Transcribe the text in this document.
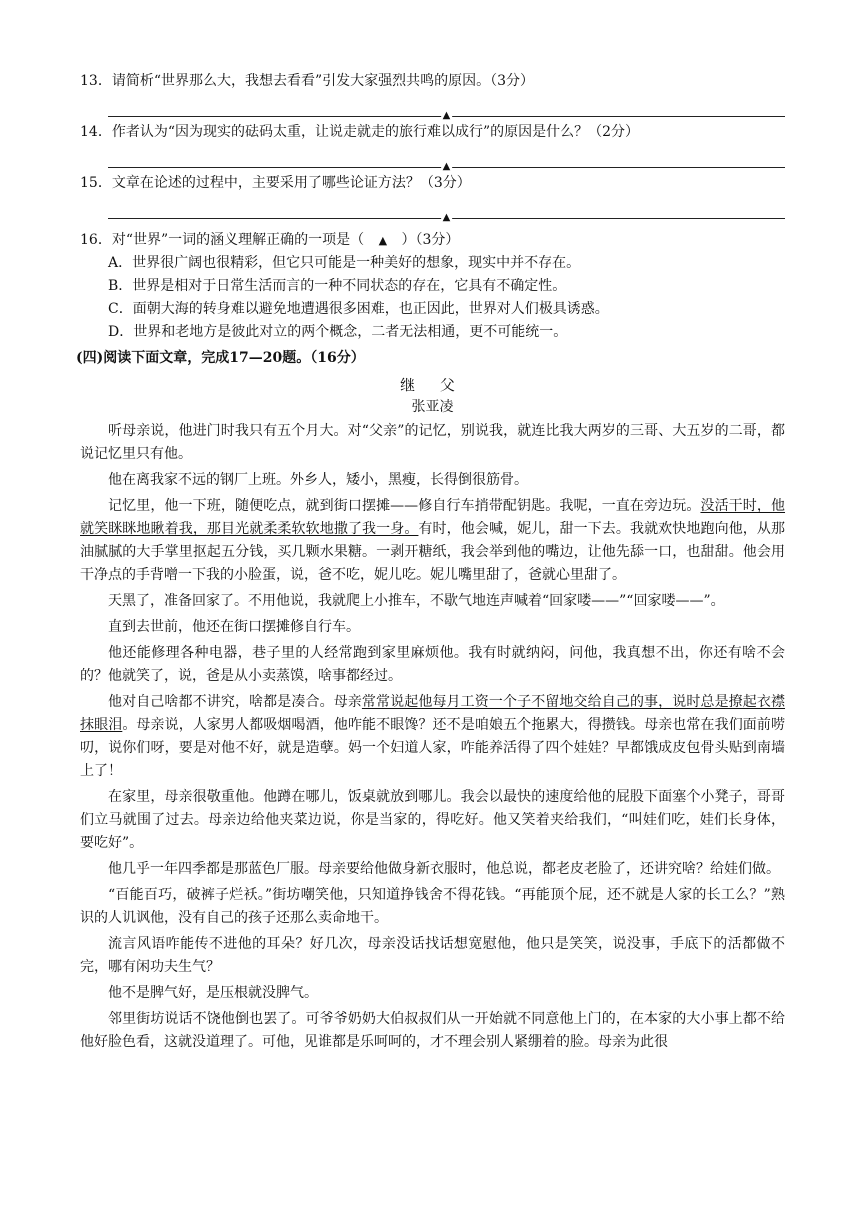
13．请简析“世界那么大，我想去看看”引发大家强烈共鸣的原因。（3分）
▲
14．作者认为“因为现实的砝码太重，让说走就走的旅行难以成行”的原因是什么？（2分）
▲
15．文章在论述的过程中，主要采用了哪些论证方法？（3分）
▲
16．对“世界”一词的涵义理解正确的一项是（ ▲ ）（3分）
A．世界很广阔也很精彩，但它只可能是一种美好的想象，现实中并不存在。
B．世界是相对于日常生活而言的一种不同状态的存在，它具有不确定性。
C．面朝大海的转身难以避免地遭遇很多困难，也正因此，世界对人们极具诱惑。
D．世界和老地方是彼此对立的两个概念，二者无法相通，更不可能统一。
(四)阅读下面文章，完成17—20题。（16分）
继 父
张亚凌

听母亲说，他进门时我只有五个月大。对“父亲”的记忆，别说我，就连比我大两岁的三哥、大五岁的二哥，都说记忆里只有他。

他在离我家不远的钢厂上班。外乡人，矮小，黑瘦，长得倒很筋骨。

记忆里，他一下班，随便吃点，就到街口摆摊——修自行车捎带配钥匙。我呢，一直在旁边玩。没活干时，他就笑眯眯地瞅着我，那目光就柔柔软软地撒了我一身。有时，他会喊，妮儿，甜一下去。我就欢快地跑向他，从那油腻腻的大手掌里抠起五分钱，买几颗水果糖。一剥开糖纸，我会举到他的嘴边，让他先舔一口，也甜甜。他会用干净点的手背噌一下我的小脸蛋，说，爸不吃，妮儿吃。妮儿嘴里甜了，爸就心里甜了。

天黑了，准备回家了。不用他说，我就爬上小推车，不歇气地连声喊着“回家喽——”“回家喽——”。

直到去世前，他还在街口摆摊修自行车。

他还能修理各种电器，巷子里的人经常跑到家里麻烦他。我有时就纳闷，问他，我真想不出，你还有啥不会的？他就笑了，说，爸是从小卖蒸馍，啥事都经过。

他对自己啥都不讲究，啥都是凑合。母亲常常说起他每月工资一个子不留地交给自己的事，说时总是撩起衣襟抹眼泪。母亲说，人家男人都吸烟喝酒，他咋能不眼馋？还不是咱娘五个拖累大，得攒钱。母亲也常在我们面前唠叨，说你们呀，要是对他不好，就是造孽。妈一个妇道人家，咋能养活得了四个娃娃？早都饿成皮包骨头贴到南墙上了！

在家里，母亲很敬重他。他蹲在哪儿，饭桌就放到哪儿。我会以最快的速度给他的屁股下面塞个小凳子，哥哥们立马就围了过去。母亲边给他夹菜边说，你是当家的，得吃好。他又笑着夹给我们，“叫娃们吃，娃们长身体，要吃好”。

他几乎一年四季都是那蓝色厂服。母亲要给他做身新衣服时，他总说，都老皮老脸了，还讲究啥？给娃们做。

“百能百巧，破裤子烂袄。”街坊嘲笑他，只知道挣钱舍不得花钱。“再能顶个屁，还不就是人家的长工么？”熟识的人讥讽他，没有自己的孩子还那么卖命地干。

流言风语咋能传不进他的耳朵？好几次，母亲没话找话想宽慰他，他只是笑笑，说没事，手底下的活都做不完，哪有闲功夫生气？

他不是脾气好，是压根就没脾气。

邻里街坊说话不饶他倒也罢了。可爷爷奶奶大伯叔叔们从一开始就不同意他上门的，在本家的大小事上都不给他好脸色看，这就没道理了。可他，见谁都是乐呵呵的，才不理会别人紧绷着的脸。母亲为此很
